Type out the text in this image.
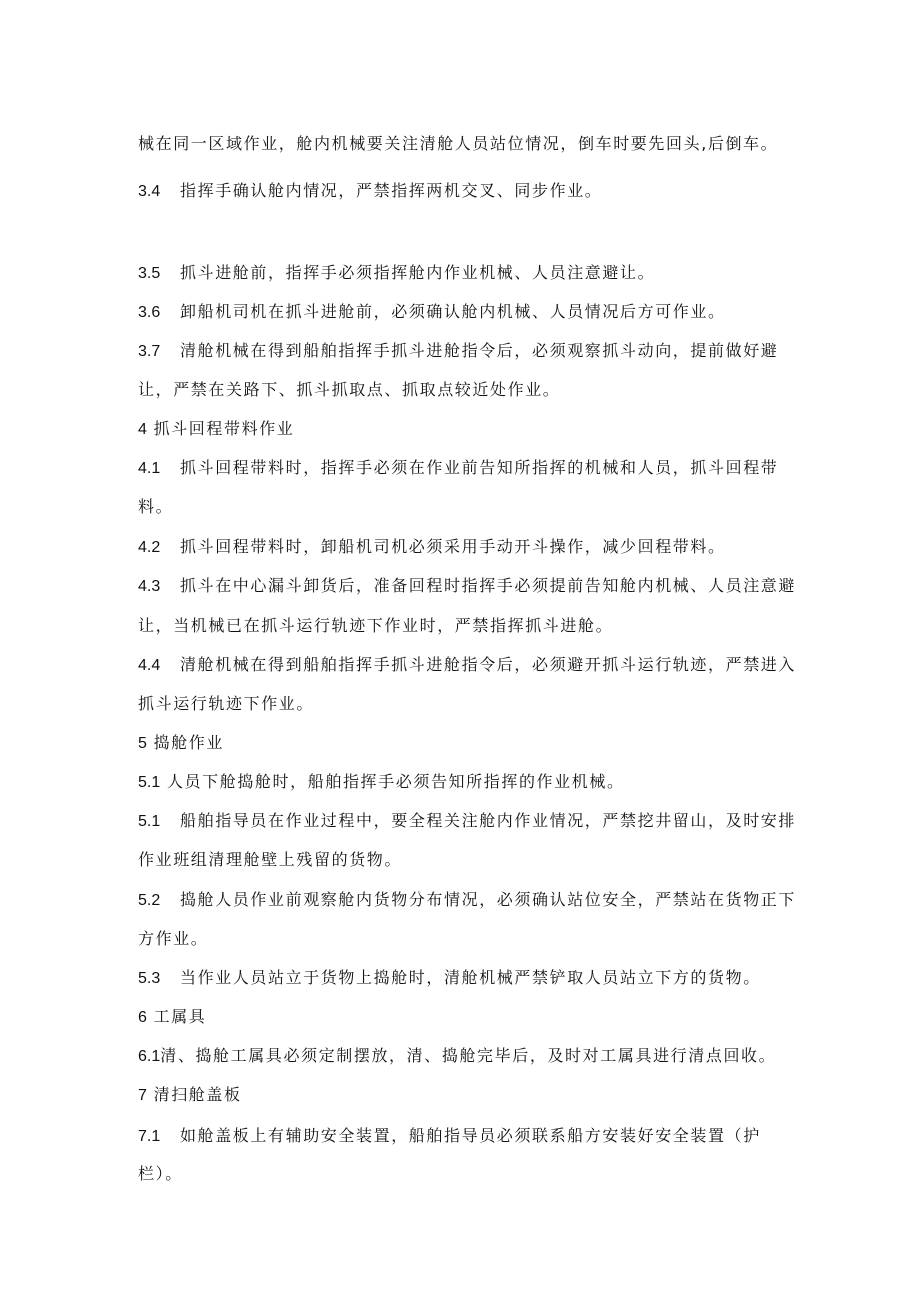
械在同一区域作业，舱内机械要关注清舱人员站位情况，倒车时要先回头,后倒车。
3.4 指挥手确认舱内情况，严禁指挥两机交叉、同步作业。
3.5 抓斗进舱前，指挥手必须指挥舱内作业机械、人员注意避让。
3.6 卸船机司机在抓斗进舱前，必须确认舱内机械、人员情况后方可作业。
3.7 清舱机械在得到船舶指挥手抓斗进舱指令后，必须观察抓斗动向，提前做好避
让，严禁在关路下、抓斗抓取点、抓取点较近处作业。
4 抓斗回程带料作业
4.1 抓斗回程带料时，指挥手必须在作业前告知所指挥的机械和人员，抓斗回程带
料。
4.2 抓斗回程带料时，卸船机司机必须采用手动开斗操作，减少回程带料。
4.3 抓斗在中心漏斗卸货后，准备回程时指挥手必须提前告知舱内机械、人员注意避
让，当机械已在抓斗运行轨迹下作业时，严禁指挥抓斗进舱。
4.4 清舱机械在得到船舶指挥手抓斗进舱指令后，必须避开抓斗运行轨迹，严禁进入
抓斗运行轨迹下作业。
5 捣舱作业
5.1 人员下舱捣舱时，船舶指挥手必须告知所指挥的作业机械。
5.1 船舶指导员在作业过程中，要全程关注舱内作业情况，严禁挖井留山，及时安排
作业班组清理舱壁上残留的货物。
5.2 捣舱人员作业前观察舱内货物分布情况，必须确认站位安全，严禁站在货物正下
方作业。
5.3 当作业人员站立于货物上捣舱时，清舱机械严禁铲取人员站立下方的货物。
6 工属具
6.1清、捣舱工属具必须定制摆放，清、捣舱完毕后，及时对工属具进行清点回收。
7 清扫舱盖板
7.1 如舱盖板上有辅助安全装置，船舶指导员必须联系船方安装好安全装置（护
栏）。
